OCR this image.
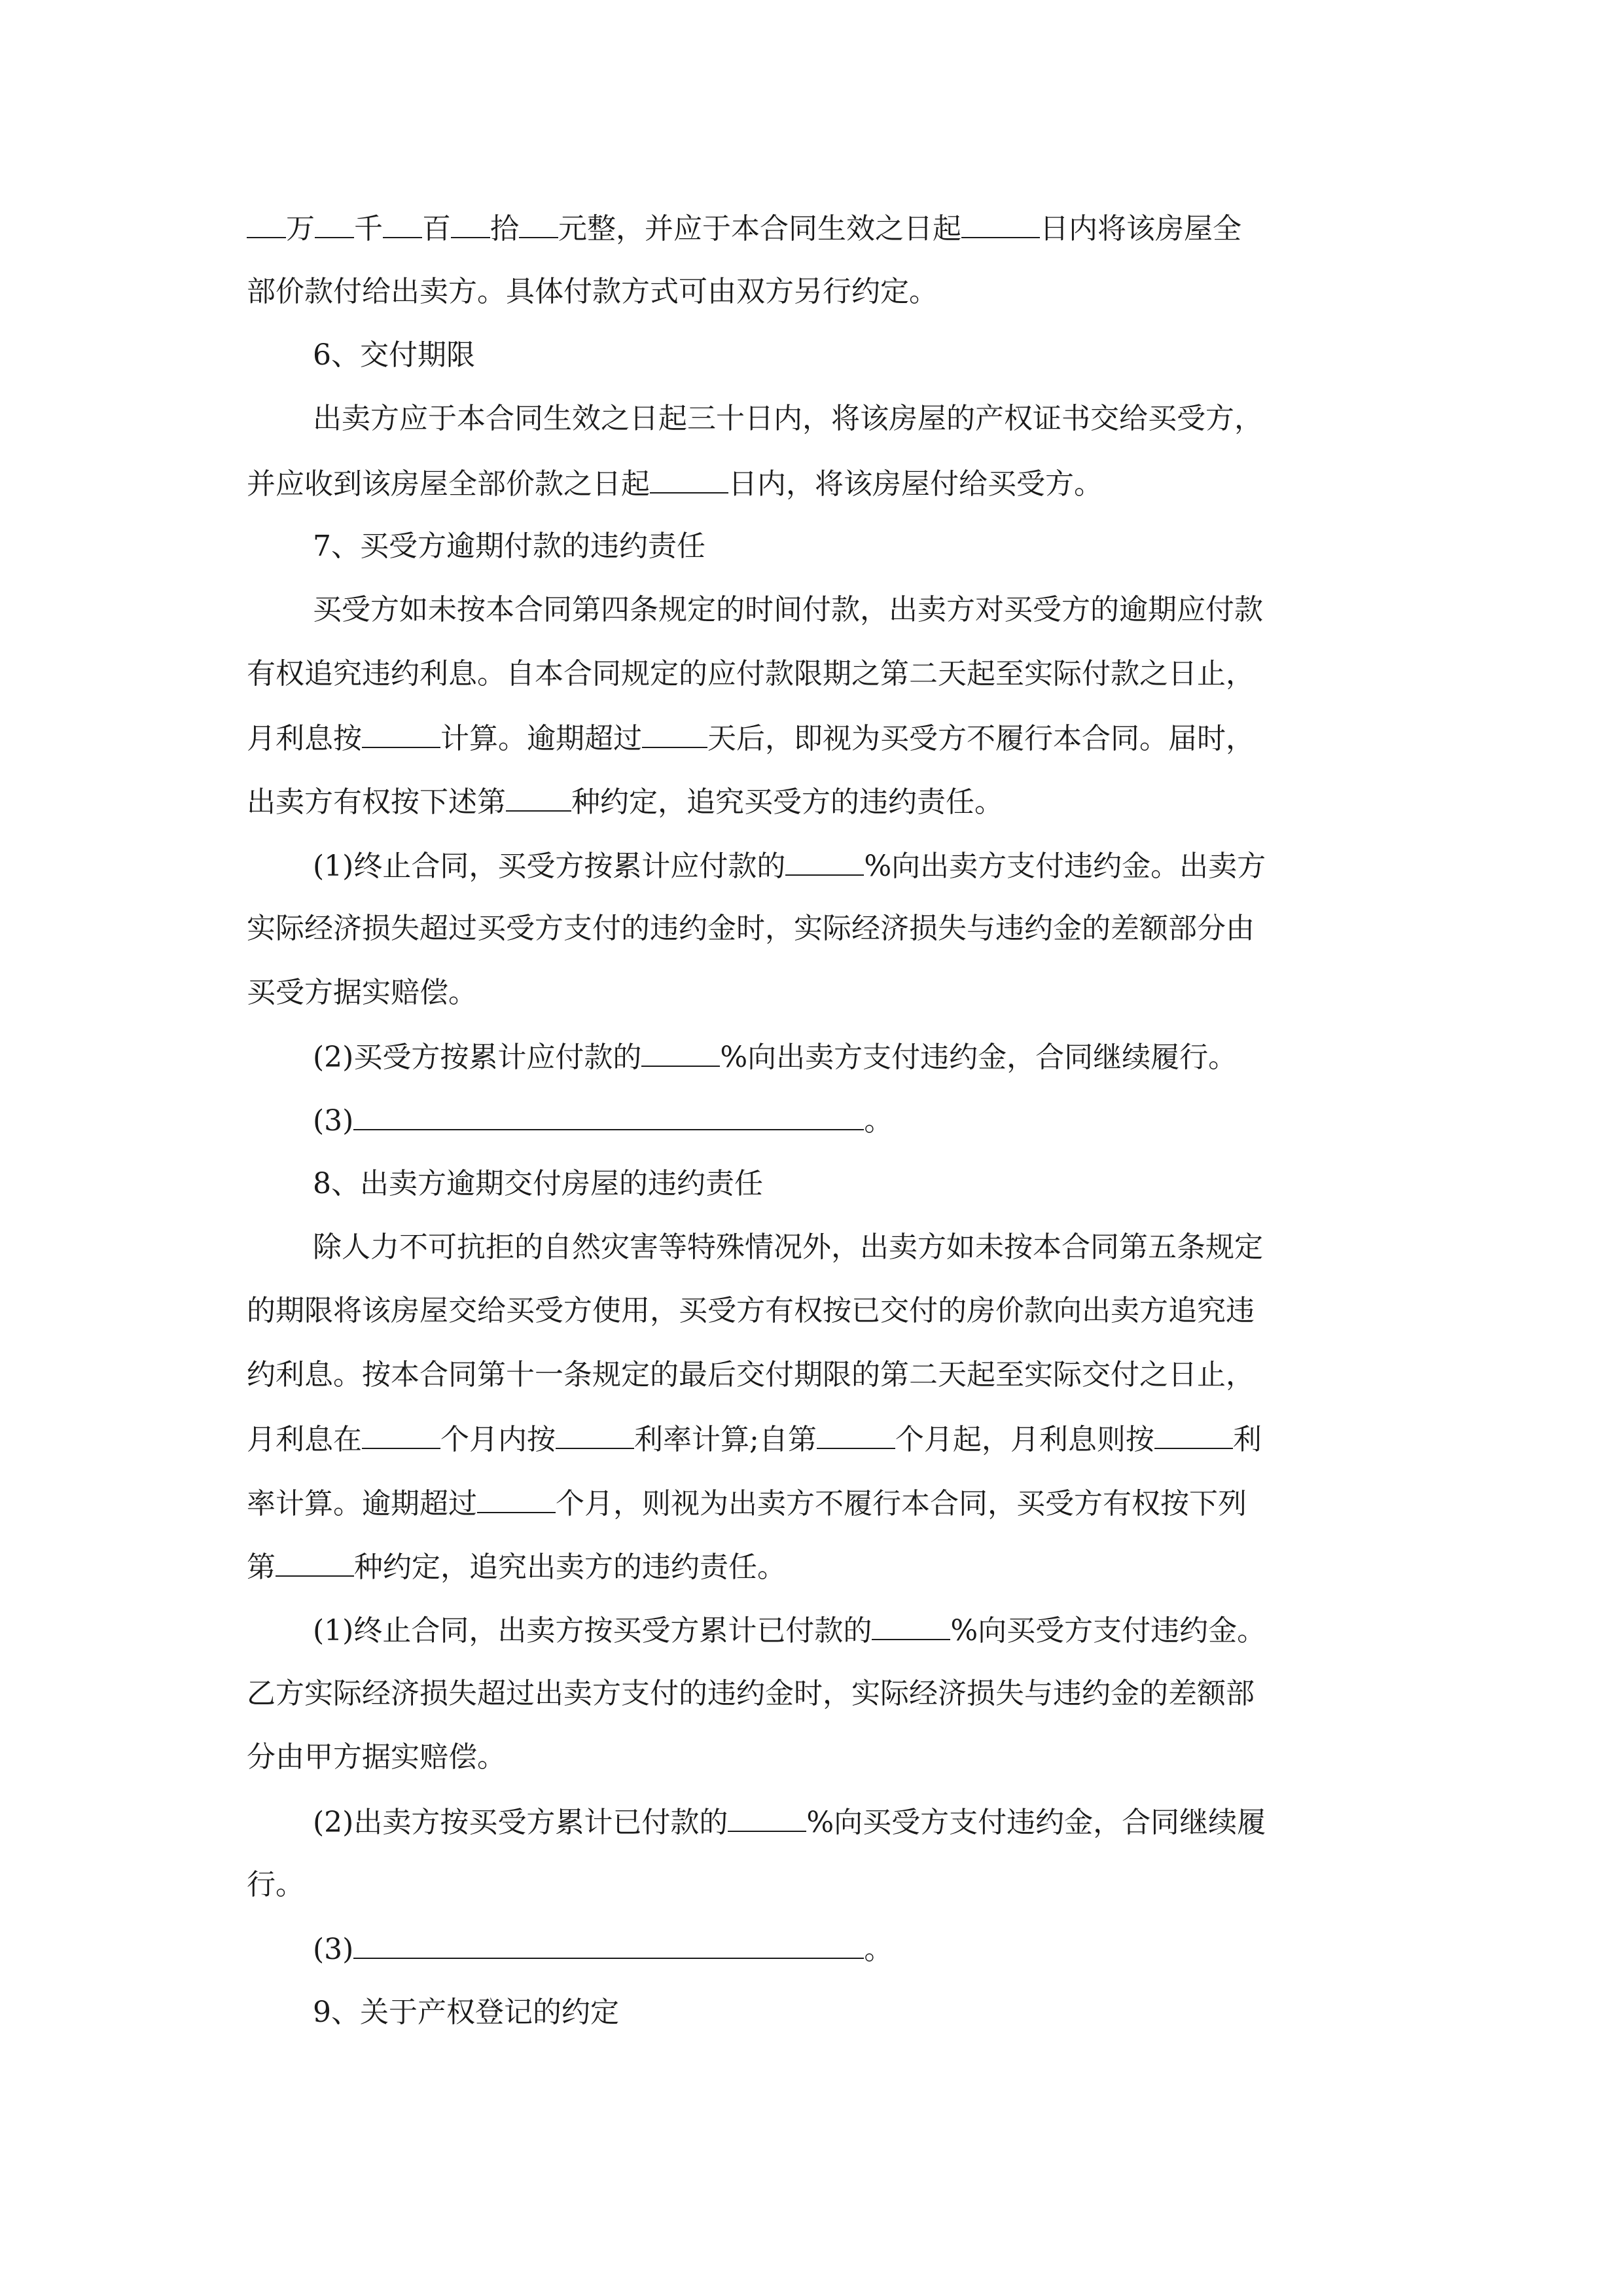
万 千 百 拾 元整，并应于本合同生效之日起	日内将该房屋全

部价款付给出卖方。具体付款方式可由双方另行约定。

6、交付期限

出卖方应于本合同生效之日起三十日内，将该房屋的产权证书交给买受方，

并应收到该房屋全部价款之日起	日内，将该房屋付给买受方。

7、买受方逾期付款的违约责任

买受方如未按本合同第四条规定的时间付款，出卖方对买受方的逾期应付款

有权追究违约利息。自本合同规定的应付款限期之第二天起至实际付款之日止，

月利息按	计算。逾期超过 天后，即视为买受方不履行本合同。届时，

出卖方有权按下述第 种约定，追究买受方的违约责任。

(1)终止合同，买受方按累计应付款的	%向出卖方支付违约金。出卖方

实际经济损失超过买受方支付的违约金时，实际经济损失与违约金的差额部分由

买受方据实赔偿。

(2)买受方按累计应付款的	%向出卖方支付违约金，合同继续履行。

(3)	。

8、出卖方逾期交付房屋的违约责任

除人力不可抗拒的自然灾害等特殊情况外，出卖方如未按本合同第五条规定

的期限将该房屋交给买受方使用，买受方有权按已交付的房价款向出卖方追究违

约利息。按本合同第十一条规定的最后交付期限的第二天起至实际交付之日止，

月利息在	个月内按	利率计算;自第	个月起，月利息则按	利

率计算。逾期超过	个月，则视为出卖方不履行本合同，买受方有权按下列

第	种约定，追究出卖方的违约责任。

(1)终止合同，出卖方按买受方累计已付款的	%向买受方支付违约金。

乙方实际经济损失超过出卖方支付的违约金时，实际经济损失与违约金的差额部

分由甲方据实赔偿。

(2)出卖方按买受方累计已付款的	%向买受方支付违约金，合同继续履

行。

(3)	。

9、关于产权登记的约定
